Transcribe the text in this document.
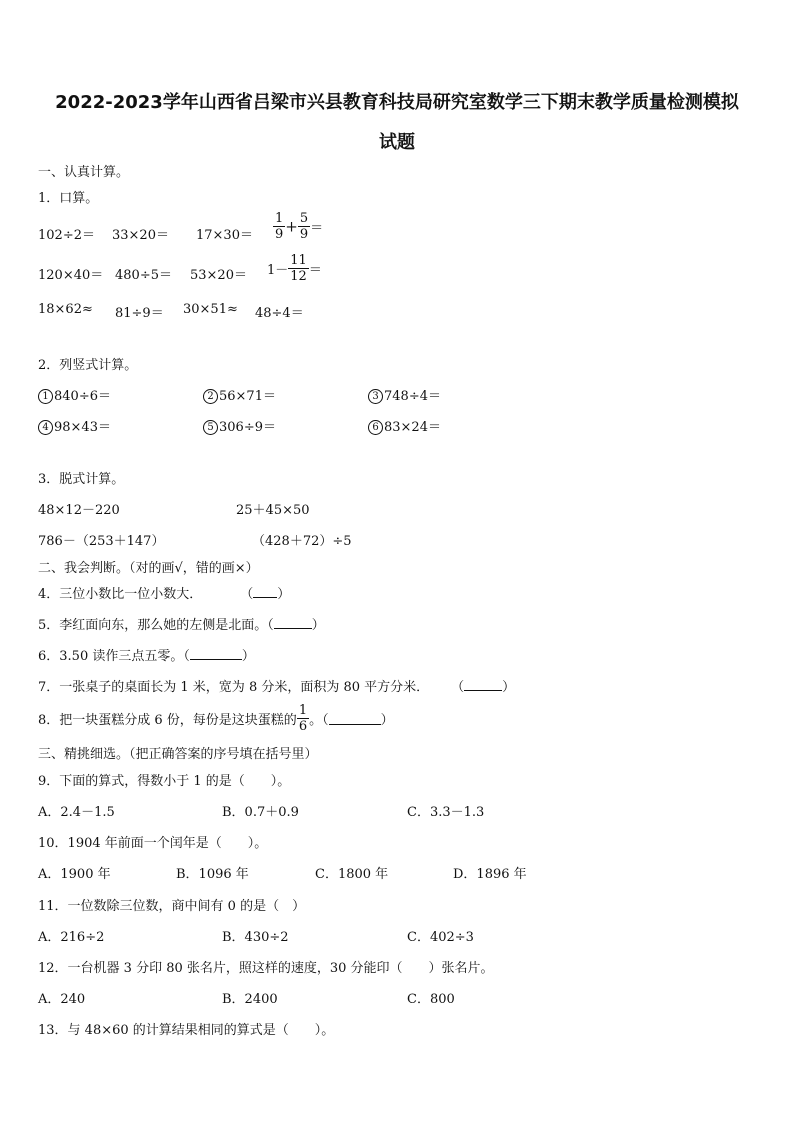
2022-2023学年山西省吕梁市兴县教育科技局研究室数学三下期末教学质量检测模拟
试题
一、认真计算。
1．口算。
$102\div 2= 33\times 20= 17\times 30= \frac{1}{9} + \frac{5}{9}$ ＝
$120\times 40= 480\div 5= 53\times 20= 1- \frac{11}{12}$ ＝
18×62≈ 81÷9＝ 30×51≈ 48÷4＝
2．列竖式计算。
1 840÷6＝	2 56×71＝	3 748÷4＝
4 98×43＝	5 306÷9＝	6 83×24＝
3．脱式计算。
48×12－220	25＋45×50
786－（253＋147）	（428＋72）÷5
二、我会判断。（对的画√，错的画×）
4．三位小数比一位小数大．	（ ）
5．李红面向东，那么她的左侧是北面。（	）
6．3.50 读作三点五零。（	）
7．一张桌子的桌面长为 1 米，宽为 8 分米，面积为 80 平方分米． （	）
8．把一块蛋糕分成 6 份，每份是这块蛋糕的 $\frac{1}{6}$ 。（	）
三、精挑细选。（把正确答案的序号填在括号里）
9．下面的算式，得数小于 1 的是（　　）。
A．2.4－1.5	B．0.7＋0.9	C．3.3－1.3
10．1904 年前面一个闰年是（　　）。
A．1900 年	B．1096 年	C．1800 年	D．1896 年
11．一位数除三位数，商中间有 0 的是（　）
A．216÷2	B．430÷2	C．402÷3
12．一台机器 3 分印 80 张名片，照这样的速度，30 分能印（　　）张名片。
A．240	B．2400	C．800
13．与 48×60 的计算结果相同的算式是（　　）。
